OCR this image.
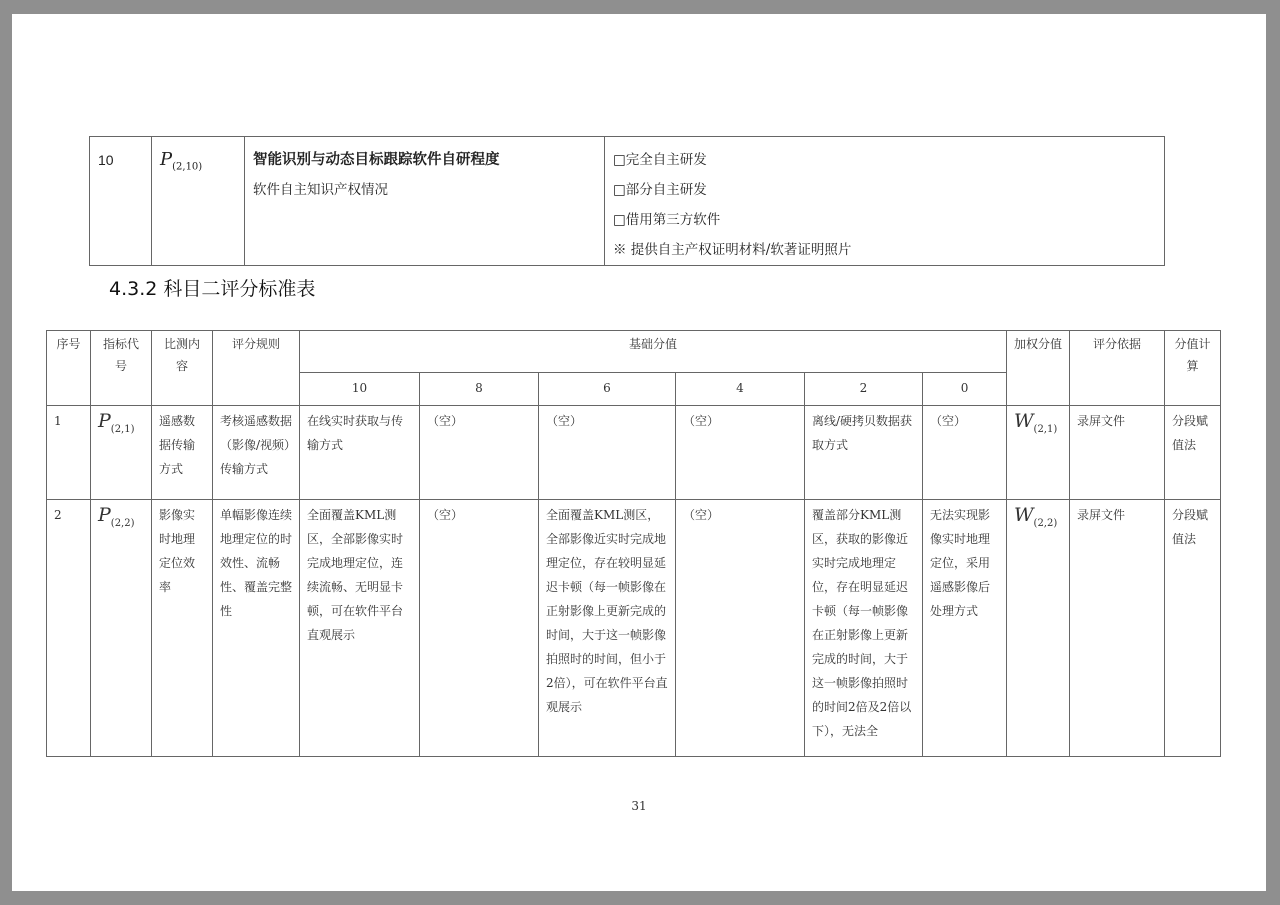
10	$P_{(2,10)}$	智能识别与动态目标跟踪软件自研程度
软件自主知识产权情况

□完全自主研发
□部分自主研发
□借用第三方软件
※ 提供自主产权证明材料/软著证明照片
4.3.2 科目二评分标准表
序号	指标代号	比测内容	评分规则	基础分值						加权分值	评分依据	分值计算
				10	8	6	4	2	0			
1	$P_{(2,1)}$	遥感数据传输方式	考核遥感数据（影像/视频）传输方式	在线实时获取与传输方式	（空）	（空）	（空）	离线/硬拷贝数据获取方式	（空）	$W_{(2,1)}$	录屏文件	分段赋值法
2	$P_{(2,2)}$	影像实时地理定位效率	单幅影像连续地理定位的时效性、流畅性、覆盖完整性	全面覆盖KML测区，全部影像实时完成地理定位，连续流畅、无明显卡顿，可在软件平台直观展示	（空）	全面覆盖KML测区，全部影像近实时完成地理定位，存在较明显延迟卡顿（每一帧影像在正射影像上更新完成的时间，大于这一帧影像拍照时的时间，但小于2倍），可在软件平台直观展示	（空）	覆盖部分KML测区，获取的影像近实时完成地理定位，存在明显延迟卡顿（每一帧影像在正射影像上更新完成的时间，大于 这一帧影像拍照时的时间2倍及2倍以下），无法全	无法实现影像实时地理定位，采用遥感影像后处理方式	$W_{(2,2)}$	录屏文件	分段赋值法
31
